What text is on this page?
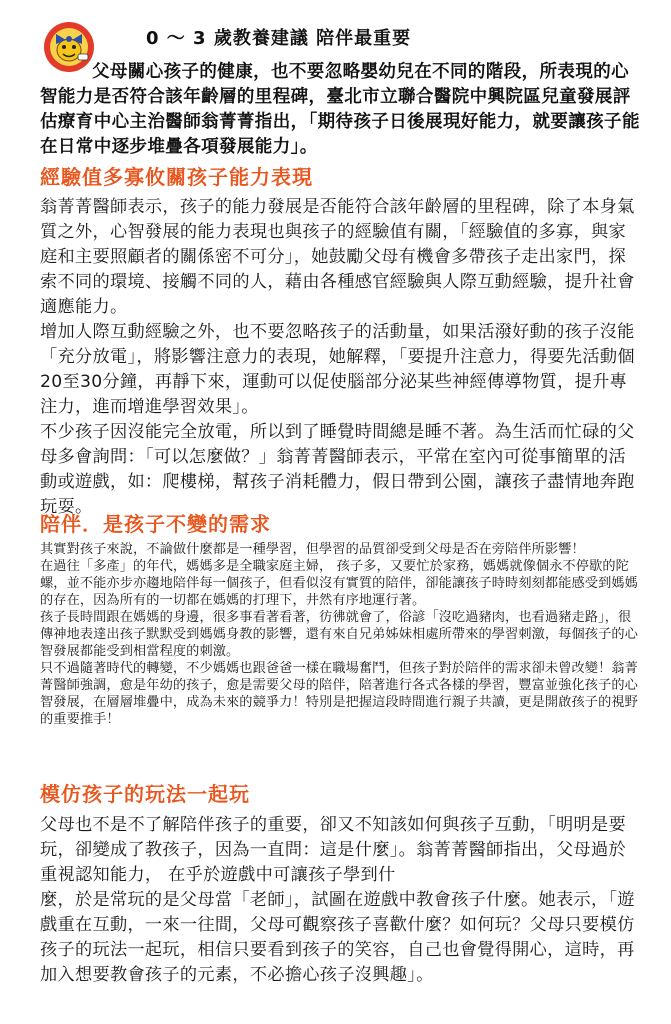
0 ～ 3 歲教養建議 陪伴最重要
父母關心孩子的健康，也不要忽略嬰幼兒在不同的階段，所表現的心智能力是否符合該年齡層的里程碑，臺北市立聯合醫院中興院區兒童發展評估療育中心主治醫師翁菁菁指出，「期待孩子日後展現好能力，就要讓孩子能在日常中逐步堆疊各項發展能力」。
經驗值多寡攸關孩子能力表現

翁菁菁醫師表示，孩子的能力發展是否能符合該年齡層的里程碑，除了本身氣質之外，心智發展的能力表現也與孩子的經驗值有關，「經驗值的多寡，與家庭和主要照顧者的關係密不可分」，她鼓勵父母有機會多帶孩子走出家門，探索不同的環境、接觸不同的人，藉由各種感官經驗與人際互動經驗，提升社會適應能力。

增加人際互動經驗之外，也不要忽略孩子的活動量，如果活潑好動的孩子沒能「充分放電」，將影響注意力的表現，她解釋，「要提升注意力，得要先活動個20至30分鐘，再靜下來，運動可以促使腦部分泌某些神經傳導物質，提升專注力，進而增進學習效果」。

不少孩子因沒能完全放電，所以到了睡覺時間總是睡不著。為生活而忙碌的父母多會詢問：「可以怎麼做？」翁菁菁醫師表示，平常在室內可從事簡單的活動或遊戲，如：爬樓梯，幫孩子消耗體力，假日帶到公園，讓孩子盡情地奔跑玩耍。

陪伴．是孩子不變的需求

其實對孩子來說，不論做什麼都是一種學習，但學習的品質卻受到父母是否在旁陪伴所影響！

在過往「多產」的年代，媽媽多是全職家庭主婦， 孩子多，又要忙於家務，媽媽就像個永不停歇的陀螺，並不能亦步亦趨地陪伴每一個孩子，但看似沒有實質的陪伴，卻能讓孩子時時刻刻都能感受到媽媽的存在，因為所有的一切都在媽媽的打理下，井然有序地運行著。

孩子長時間跟在媽媽的身邊，很多事看著看著，彷彿就會了，俗諺「沒吃過豬肉，也看過豬走路」，很傳神地表達出孩子默默受到媽媽身教的影響，還有來自兄弟姊妹相處所帶來的學習刺激，每個孩子的心智發展都能受到相當程度的刺激。

只不過隨著時代的轉變，不少媽媽也跟爸爸一樣在職場奮鬥，但孩子對於陪伴的需求卻未曾改變！翁菁菁醫師強調，愈是年幼的孩子，愈是需要父母的陪伴，陪著進行各式各樣的學習，豐富並強化孩子的心智發展，在層層堆疊中，成為未來的競爭力！特別是把握這段時間進行親子共讀，更是開啟孩子的視野的重要推手！

模仿孩子的玩法一起玩

父母也不是不了解陪伴孩子的重要，卻又不知該如何與孩子互動，「明明是要玩，卻變成了教孩子，因為一直問：這是什麼」。翁菁菁醫師指出，父母過於重視認知能力， 在乎於遊戲中可讓孩子學到什

麼，於是常玩的是父母當「老師」，試圖在遊戲中教會孩子什麼。她表示，「遊戲重在互動，一來一往間，父母可觀察孩子喜歡什麼？如何玩？父母只要模仿孩子的玩法一起玩，相信只要看到孩子的笑容，自己也會覺得開心，這時，再加入想要教會孩子的元素，不必擔心孩子沒興趣」。
